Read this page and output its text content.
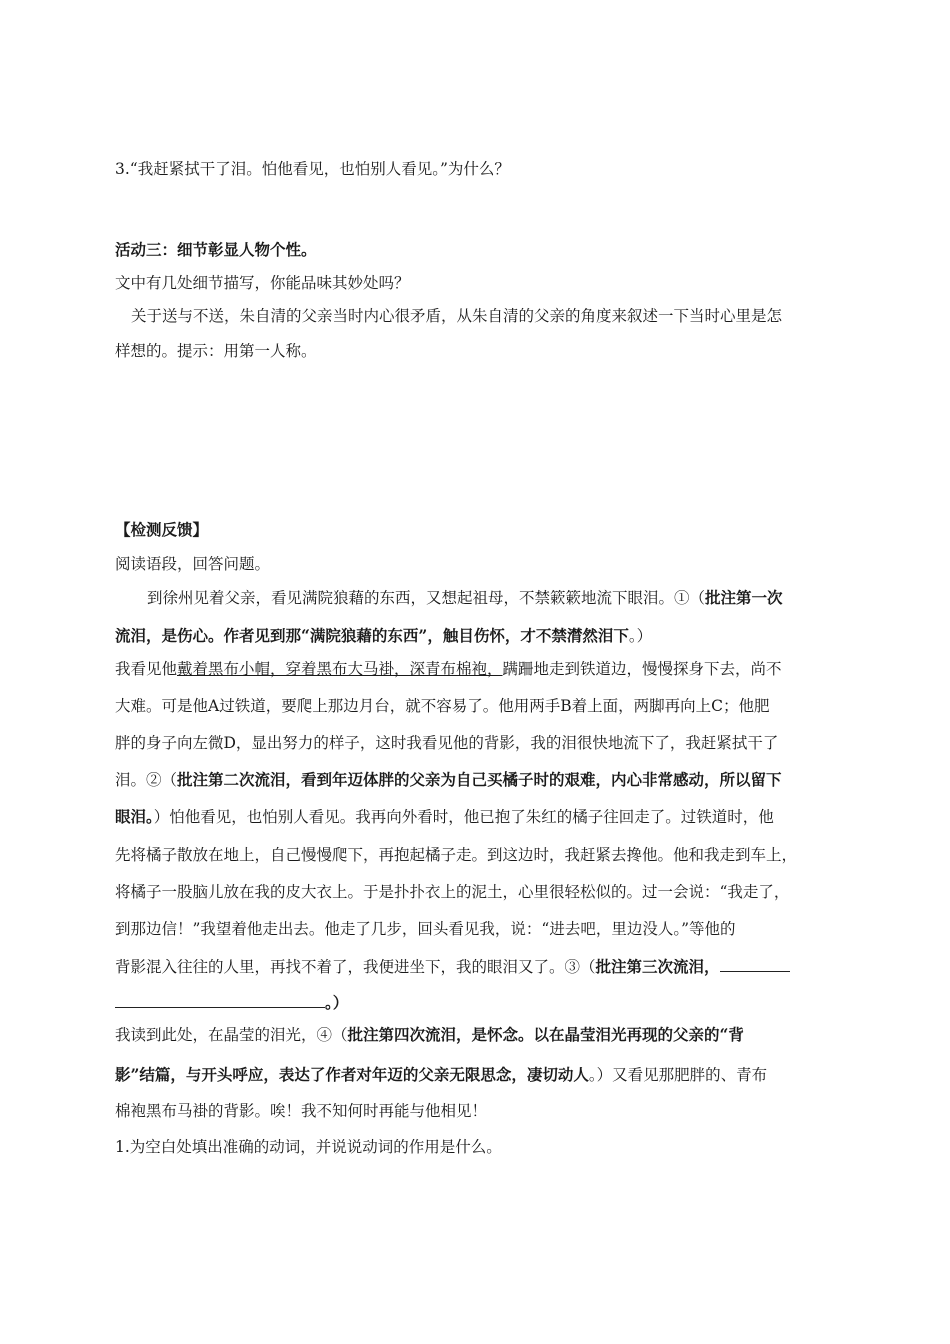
3.“我赶紧拭干了泪。怕他看见，也怕别人看见。”为什么？
活动三：细节彰显人物个性。
文中有几处细节描写，你能品味其妙处吗？
关于送与不送，朱自清的父亲当时内心很矛盾，从朱自清的父亲的角度来叙述一下当时心里是怎
样想的。提示：用第一人称。
【检测反馈】
阅读语段，回答问题。
到徐州见着父亲，看见满院狼藉的东西，又想起祖母，不禁簌簌地流下眼泪。①（批注第一次
流泪，是伤心。作者见到那“满院狼藉的东西”，触目伤怀，才不禁潸然泪下。）
我看见他戴着黑布小帽，穿着黑布大马褂，深青布棉袍，蹒跚地走到铁道边，慢慢探身下去，尚不
大难。可是他A过铁道，要爬上那边月台，就不容易了。他用两手B着上面，两脚再向上C；他肥
胖的身子向左微D，显出努力的样子，这时我看见他的背影，我的泪很快地流下了，我赶紧拭干了
泪。②（批注第二次流泪，看到年迈体胖的父亲为自己买橘子时的艰难，内心非常感动，所以留下
眼泪。）怕他看见，也怕别人看见。我再向外看时，他已抱了朱红的橘子往回走了。过铁道时，他
先将橘子散放在地上，自己慢慢爬下，再抱起橘子走。到这边时，我赶紧去搀他。他和我走到车上，
将橘子一股脑儿放在我的皮大衣上。于是扑扑衣上的泥土，心里很轻松似的。过一会说：“我走了，
到那边信！”我望着他走出去。他走了几步，回头看见我，说：“进去吧，里边没人。”等他的
背影混入往往的人里，再找不着了，我便进坐下，我的眼泪又了。③（批注第三次流泪，
。）
我读到此处，在晶莹的泪光，④（批注第四次流泪，是怀念。以在晶莹泪光再现的父亲的“背
影”结篇，与开头呼应，表达了作者对年迈的父亲无限思念，凄切动人。）又看见那肥胖的、青布
棉袍黑布马褂的背影。唉！我不知何时再能与他相见！
1.为空白处填出准确的动词，并说说动词的作用是什么。
